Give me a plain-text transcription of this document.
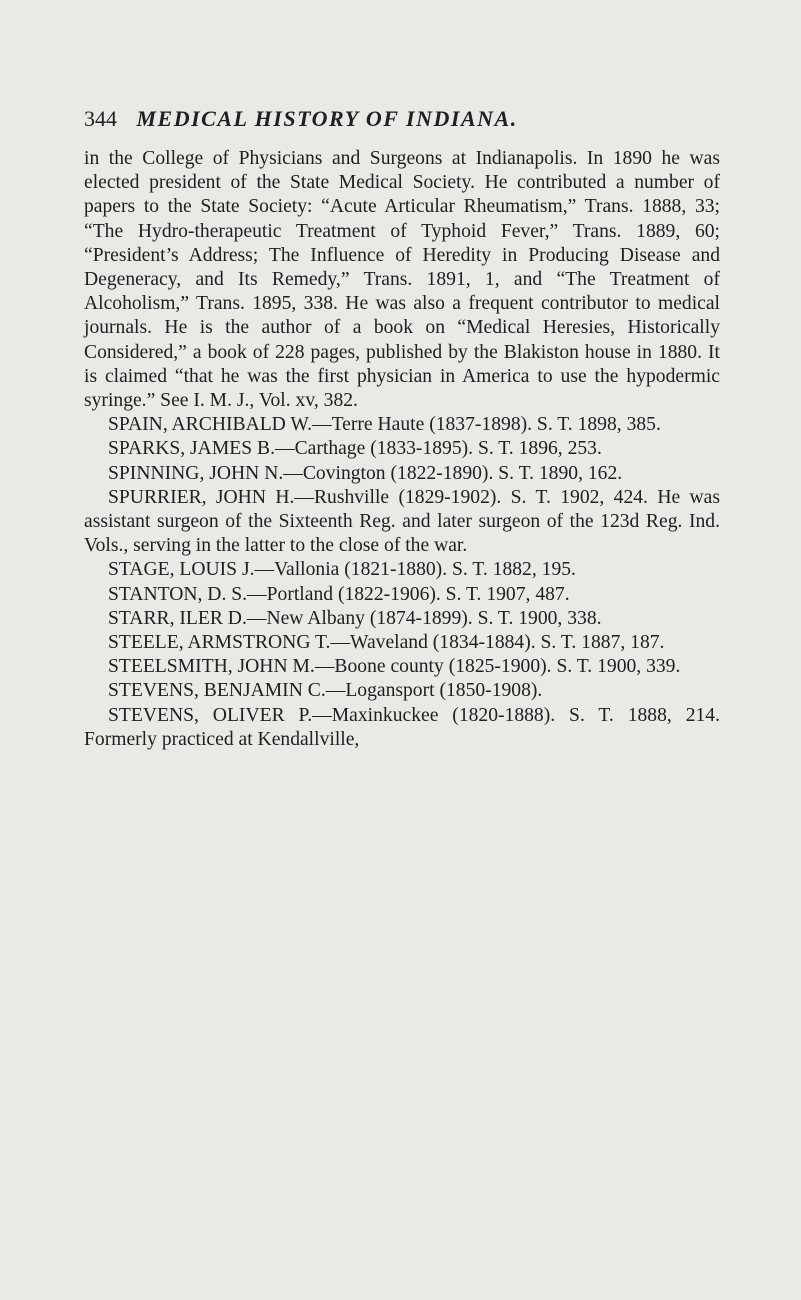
344 MEDICAL HISTORY OF INDIANA.

in the College of Physicians and Surgeons at Indianapolis. In 1890 he was elected president of the State Medical Society. He contributed a number of papers to the State Society: “Acute Articular Rheumatism,” Trans. 1888, 33; “The Hydro-therapeutic Treatment of Typhoid Fever,” Trans. 1889, 60; “President’s Address; The Influence of Heredity in Producing Disease and Degeneracy, and Its Remedy,” Trans. 1891, 1, and “The Treatment of Alcoholism,” Trans. 1895, 338. He was also a frequent contributor to medical journals. He is the author of a book on “Medical Heresies, Historically Considered,” a book of 228 pages, published by the Blakiston house in 1880. It is claimed “that he was the first physician in America to use the hypodermic syringe.” See I. M. J., Vol. xv, 382.

SPAIN, ARCHIBALD W.—Terre Haute (1837-1898). S. T. 1898, 385.

SPARKS, JAMES B.—Carthage (1833-1895). S. T. 1896, 253.

SPINNING, JOHN N.—Covington (1822-1890). S. T. 1890, 162.

SPURRIER, JOHN H.—Rushville (1829-1902). S. T. 1902, 424. He was assistant surgeon of the Sixteenth Reg. and later surgeon of the 123d Reg. Ind. Vols., serving in the latter to the close of the war.

STAGE, LOUIS J.—Vallonia (1821-1880). S. T. 1882, 195.

STANTON, D. S.—Portland (1822-1906). S. T. 1907, 487.

STARR, ILER D.—New Albany (1874-1899). S. T. 1900, 338.

STEELE, ARMSTRONG T.—Waveland (1834-1884). S. T. 1887, 187.

STEELSMITH, JOHN M.—Boone county (1825-1900). S. T. 1900, 339.

STEVENS, BENJAMIN C.—Logansport (1850-1908).

STEVENS, OLIVER P.—Maxinkuckee (1820-1888). S. T. 1888, 214. Formerly practiced at Kendallville,
